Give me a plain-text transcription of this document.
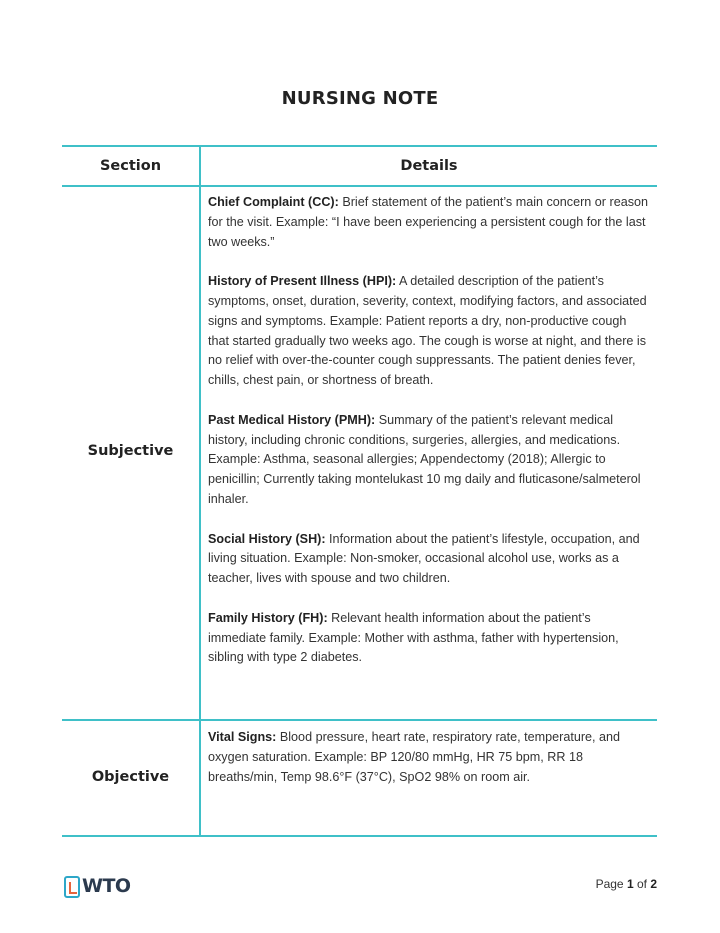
NURSING NOTE
Section	Details
Subjective

Chief Complaint (CC): Brief statement of the patient’s main concern or reason for the visit. Example: “I have been experiencing a persistent cough for the last two weeks.”

History of Present Illness (HPI): A detailed description of the patient’s symptoms, onset, duration, severity, context, modifying factors, and associated signs and symptoms. Example: Patient reports a dry, non-productive cough that started gradually two weeks ago. The cough is worse at night, and there is no relief with over-the-counter cough suppressants. The patient denies fever, chills, chest pain, or shortness of breath.

Past Medical History (PMH): Summary of the patient’s relevant medical history, including chronic conditions, surgeries, allergies, and medications. Example: Asthma, seasonal allergies; Appendectomy (2018); Allergic to penicillin; Currently taking montelukast 10 mg daily and fluticasone/salmeterol inhaler.

Social History (SH): Information about the patient’s lifestyle, occupation, and living situation. Example: Non-smoker, occasional alcohol use, works as a teacher, lives with spouse and two children.

Family History (FH): Relevant health information about the patient’s immediate family. Example: Mother with asthma, father with hypertension, sibling with type 2 diabetes.

Objective

Vital Signs: Blood pressure, heart rate, respiratory rate, temperature, and oxygen saturation. Example: BP 120/80 mmHg, HR 75 bpm, RR 18 breaths/min, Temp 98.6°F (37°C), SpO2 98% on room air.

WTO	Page 1 of 2
